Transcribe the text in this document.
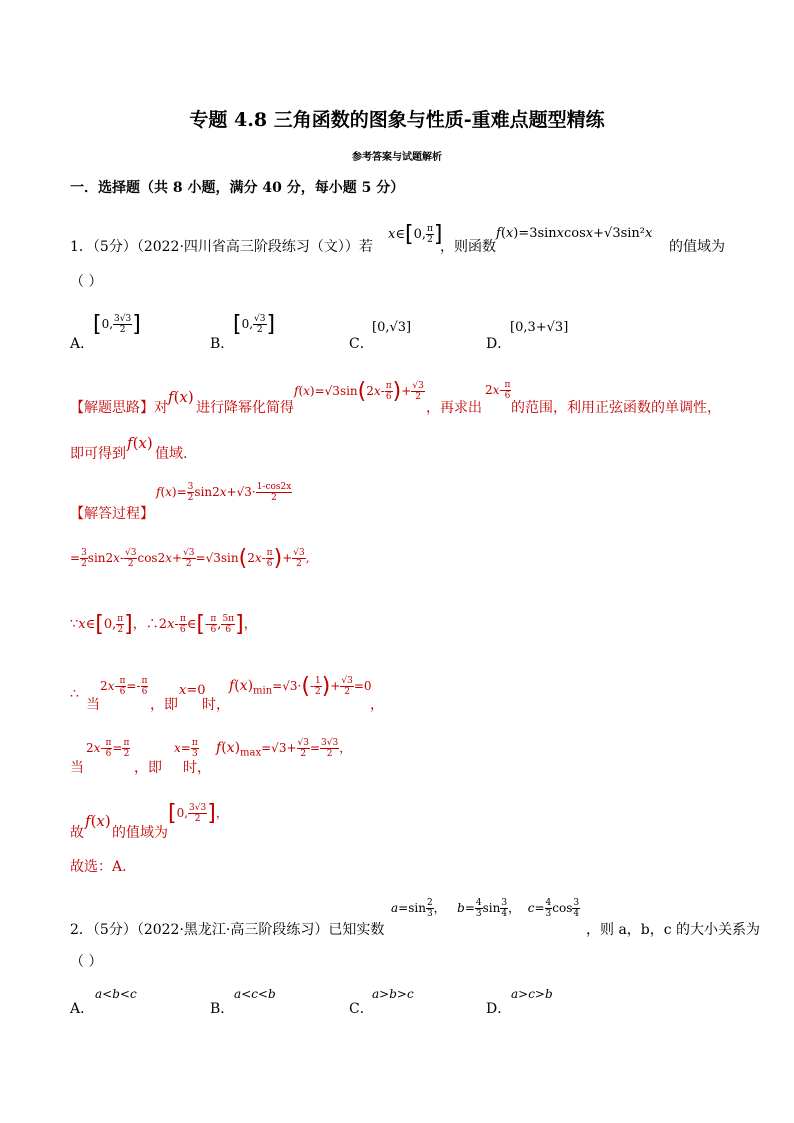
专题 4.8 三角函数的图象与性质-重难点题型精练
参考答案与试题解析
一．选择题（共 8 小题，满分 40 分，每小题 5 分）
1．（5分）（2022·四川省高三阶段练习（文））若
x∈[0, $\frac{\pi}{2}$ ]
，则函数
f(x)=3sinxcosx+√3sin²x
的值域为
（ ）
A．
[0, $\frac{3√3}{2}$ ]
B．
[0, $\frac{√3}{2}$ ]
C．
[0,√3]
D．
[0,3+√3]
【解题思路】 对
f(x)
进行降幂化简得
$f(x)=√3\sin(2x- \frac{\pi}{6}$ )+ $\frac{√3}{2}$
，再求出
$2x- \frac{\pi}{6}$
的范围，利用正弦函数的单调性，
即可得到
f(x)
值域.
$f(x)= \frac{3}{2} \sin 2x+√3\cdot \frac{1-\cos 2x}{2}$
【解答过程】
= $\frac{3}{2} \sin 2x- \frac{√3}{2} \cos 2x+ \frac{√3}{2} =√3\sin(2x- \frac{\pi}{6}$ )+ $\frac{√3}{2}$ ,
∵x∈[0, $\frac{\pi}{2}$ ]，∴2x- $\frac{\pi}{6}$ ∈[- $\frac{\pi}{6}$ , $\frac{5\pi}{6}$ ]，
∴ $2x- \frac{\pi}{6} =- \frac{\pi}{6}$
当	，即
x=0
时，
$f(x)_{min}=√3\cdot(- \frac{1}{2}$ )+ $\frac{√3}{2} =0$
，
$2x- \frac{\pi}{6} = \frac{\pi}{2}$
当	，即
$x= \frac{\pi}{3}$
时，
$f(x)_{max}=√3+ \frac{√3}{2} = \frac{3√3}{2}$ ，
故
f(x)
的值域为
[0, $\frac{3√3}{2}$ ]，
故选：A.
2．（5分）（2022·黑龙江·高三阶段练习）已知实数
$a=\sin \frac{2}{3}$ ，   $b= \frac{4}{3}$ $\sin \frac{3}{4}$ ，  $c= \frac{4}{3}$ $\cos \frac{3}{4}$
，则 a，b，c 的大小关系为
（ ）
A．
a<b<c
B．
a<c<b
C．
a>b>c
D．
a>c>b
